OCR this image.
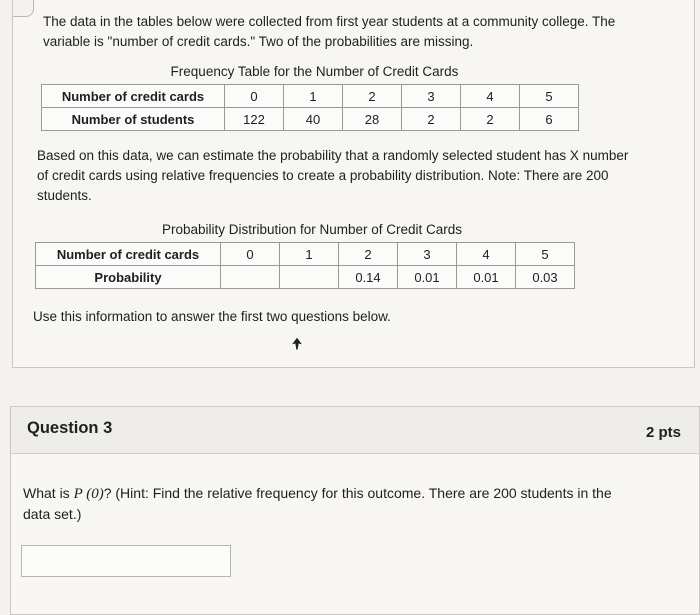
The data in the tables below were collected from first year students at a community college. The
variable is "number of credit cards." Two of the probabilities are missing.
Frequency Table for the Number of Credit Cards
Number of credit cards	0	1	2	3	4	5
Number of students	122	40	28	2	2	6
Based on this data, we can estimate the probability that a randomly selected student has X number
of credit cards using relative frequencies to create a probability distribution. Note: There are 200
students.
Probability Distribution for Number of Credit Cards
Number of credit cards	0	1	2	3	4	5
Probability			0.14	0.01	0.01	0.03
Use this information to answer the first two questions below.
Question 3	2 pts
What is P (0)? (Hint: Find the relative frequency for this outcome. There are 200 students in the
data set.)
